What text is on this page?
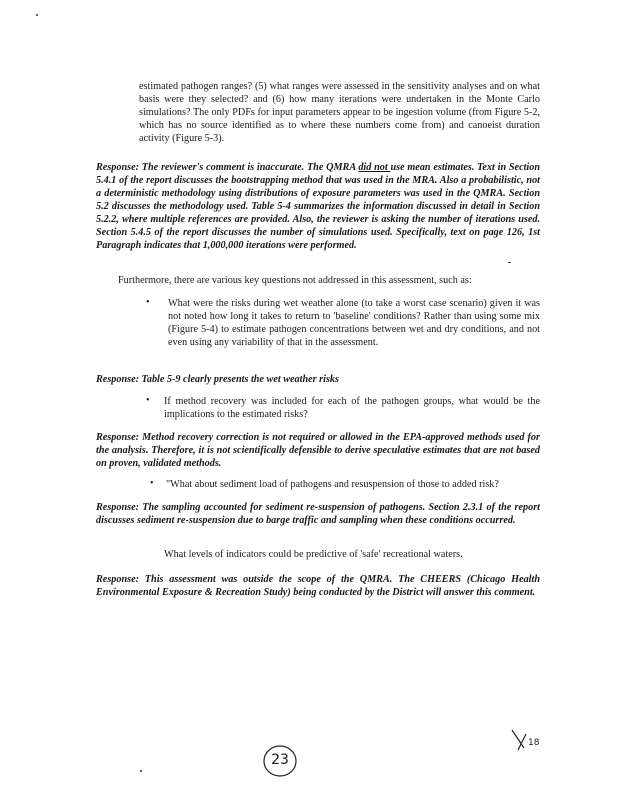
estimated pathogen ranges? (5) what ranges were assessed in the sensitivity analyses and on what basis were they selected? and (6) how many iterations were undertaken in the Monte Carlo simulations? The only PDFs for input parameters appear to be ingestion volume (from Figure 5-2, which has no source identified as to where these numbers come from) and canoeist duration activity (Figure 5-3).

Response: The reviewer's comment is inaccurate. The QMRA did not use mean estimates. Text in Section 5.4.1 of the report discusses the bootstrapping method that was used in the MRA. Also a probabilistic, not a deterministic methodology using distributions of exposure parameters was used in the QMRA. Section 5.2 discusses the methodology used. Table 5-4 summarizes the information discussed in detail in Section 5.2.2, where multiple references are provided. Also, the reviewer is asking the number of iterations used. Section 5.4.5 of the report discusses the number of simulations used. Specifically, text on page 126, 1st Paragraph indicates that 1,000,000 iterations were performed.

Furthermore, there are various key questions not addressed in this assessment, such as:

• What were the risks during wet weather alone (to take a worst case scenario) given it was not noted how long it takes to return to 'baseline' conditions? Rather than using some mix (Figure 5-4) to estimate pathogen concentrations between wet and dry conditions, and not even using any variability of that in the assessment.

Response: Table 5-9 clearly presents the wet weather risks

• If method recovery was included for each of the pathogen groups, what would be the implications to the estimated risks?

Response: Method recovery correction is not required or allowed in the EPA-approved methods used for the analysis. Therefore, it is not scientifically defensible to derive speculative estimates that are not based on proven, validated methods.

• "What about sediment load of pathogens and resuspension of those to added risk?

Response: The sampling accounted for sediment re-suspension of pathogens. Section 2.3.1 of the report discusses sediment re-suspension due to barge traffic and sampling when these conditions occurred.

What levels of indicators could be predictive of 'safe' recreational waters.

Response: This assessment was outside the scope of the QMRA. The CHEERS (Chicago Health Environmental Exposure & Recreation Study) being conducted by the District will answer this comment.

23
18
